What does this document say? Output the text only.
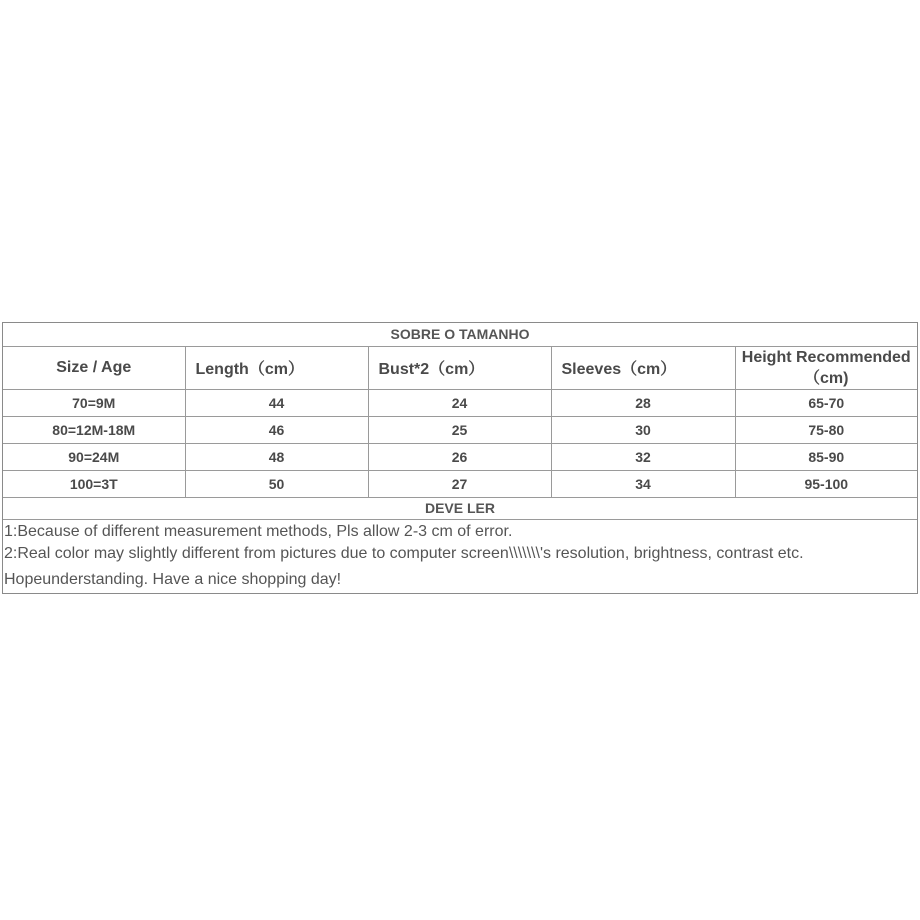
SOBRE O TAMANHO
Size / Age	Length（cm）	Bust*2（cm）	Sleeves（cm）	Height Recommended（cm)
70=9M	44	24	28	65-70
80=12M-18M	46	25	30	75-80
90=24M	48	26	32	85-90
100=3T	50	27	34	95-100
DEVE LER
1:Because of different measurement methods, Pls allow 2-3 cm of error.
2:Real color may slightly different from pictures due to computer screen\\\\\\\'s resolution, brightness, contrast etc.
Hopeunderstanding. Have a nice shopping day!
